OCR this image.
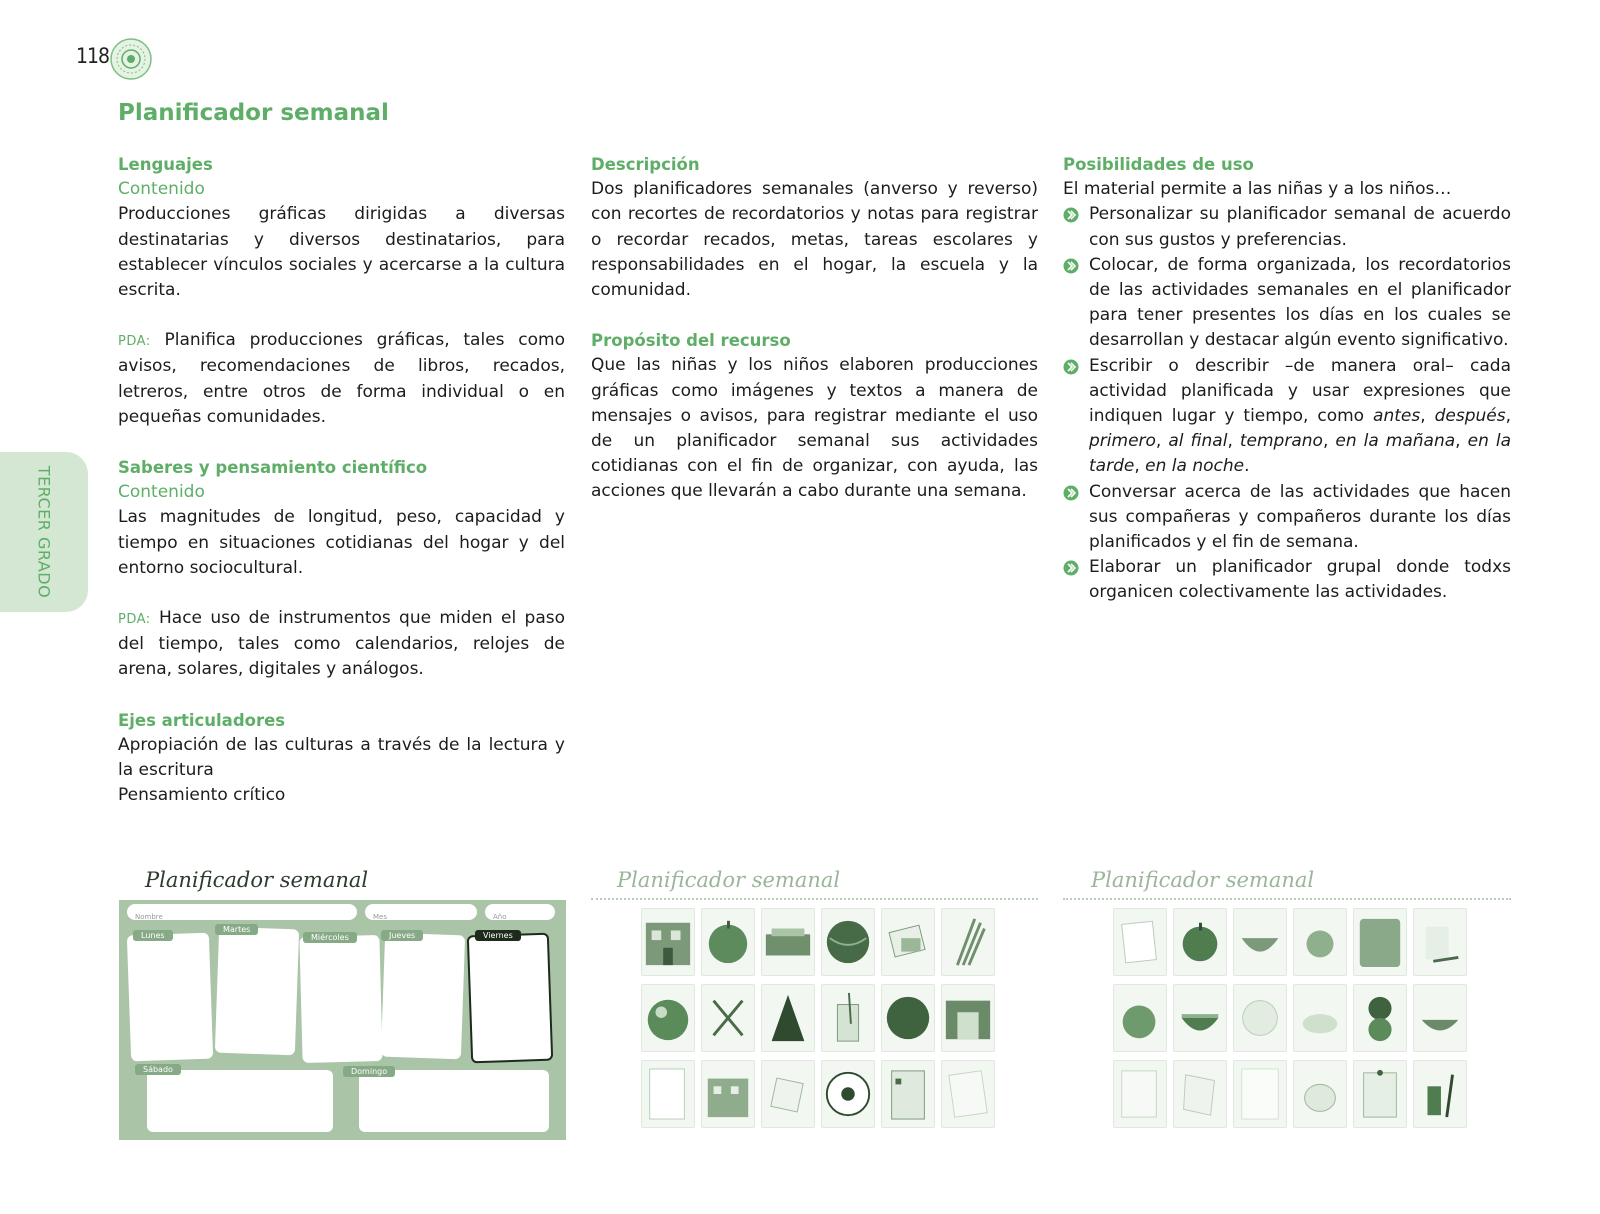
118
TERCER GRADO
Planificador semanal
Lenguajes
Contenido

Producciones gráficas dirigidas a diversas destinatarias y diversos destinatarios, para establecer vínculos sociales y acercarse a la cultura escrita.

PDA: Planifica producciones gráficas, tales como avisos, recomendaciones de libros, recados, letreros, entre otros de forma individual o en pequeñas comunidades.

Saberes y pensamiento científico
Contenido

Las magnitudes de longitud, peso, capacidad y tiempo en situaciones cotidianas del hogar y del entorno sociocultural.

PDA: Hace uso de instrumentos que miden el paso del tiempo, tales como calendarios, relojes de arena, solares, digitales y análogos.

Ejes articuladores

Apropiación de las culturas a través de la lectura y la escritura

Pensamiento crítico

Descripción

Dos planificadores semanales (anverso y reverso) con recortes de recordatorios y notas para registrar o recordar recados, metas, tareas escolares y responsabilidades en el hogar, la escuela y la comunidad.

Propósito del recurso

Que las niñas y los niños elaboren producciones gráficas como imágenes y textos a manera de mensajes o avisos, para registrar mediante el uso de un planificador semanal sus actividades cotidianas con el fin de organizar, con ayuda, las acciones que llevarán a cabo durante una semana.

Posibilidades de uso

El material permite a las niñas y a los niños…

Personalizar su planificador semanal de acuerdo con sus gustos y preferencias.
Colocar, de forma organizada, los recordatorios de las actividades semanales en el planificador para tener presentes los días en los cuales se desarrollan y destacar algún evento significativo.
Escribir o describir –de manera oral– cada actividad planificada y usar expresiones que indiquen lugar y tiempo, como antes, después, primero, al final, temprano, en la mañana, en la tarde, en la noche.
Conversar acerca de las actividades que hacen sus compañeras y compañeros durante los días planificados y el fin de semana.
Elaborar un planificador grupal donde todxs organicen colectivamente las actividades.
Planificador semanal
Nombre	Mes	Año
Lunes
Martes
Miércoles	Jueves	Viernes
Sábado	Domingo
Planificador semanal	Planificador semanal
